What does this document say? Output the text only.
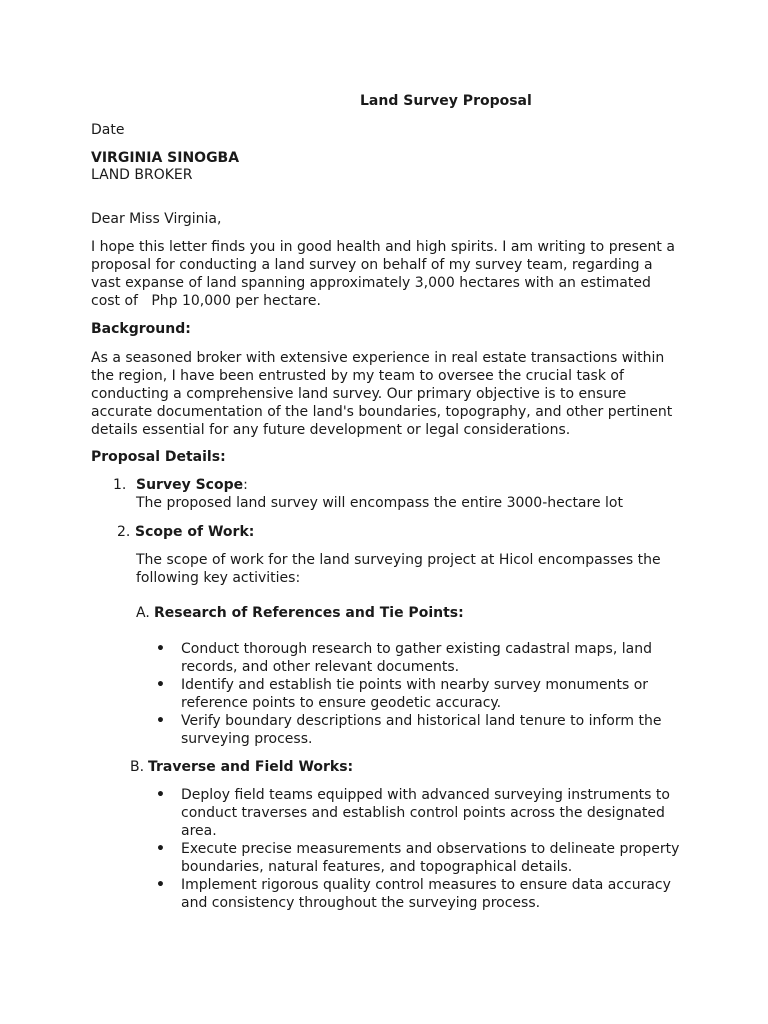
Land Survey Proposal
Date
VIRGINIA SINOGBA
LAND BROKER
Dear Miss Virginia,
I hope this letter finds you in good health and high spirits. I am writing to present a proposal for conducting a land survey on behalf of my survey team, regarding a vast expanse of land spanning approximately 3,000 hectares with an estimated cost of   Php 10,000 per hectare.
Background:
As a seasoned broker with extensive experience in real estate transactions within the region, I have been entrusted by my team to oversee the crucial task of conducting a comprehensive land survey. Our primary objective is to ensure accurate documentation of the land's boundaries, topography, and other pertinent details essential for any future development or legal considerations.
Proposal Details:
1. Survey Scope:
The proposed land survey will encompass the entire 3000-hectare lot
2. Scope of Work:
The scope of work for the land surveying project at Hicol encompasses the following key activities:
A. Research of References and Tie Points:
• Conduct thorough research to gather existing cadastral maps, land records, and other relevant documents.
• Identify and establish tie points with nearby survey monuments or reference points to ensure geodetic accuracy.
• Verify boundary descriptions and historical land tenure to inform the surveying process.
B. Traverse and Field Works:
• Deploy field teams equipped with advanced surveying instruments to conduct traverses and establish control points across the designated area.
• Execute precise measurements and observations to delineate property boundaries, natural features, and topographical details.
• Implement rigorous quality control measures to ensure data accuracy and consistency throughout the surveying process.
